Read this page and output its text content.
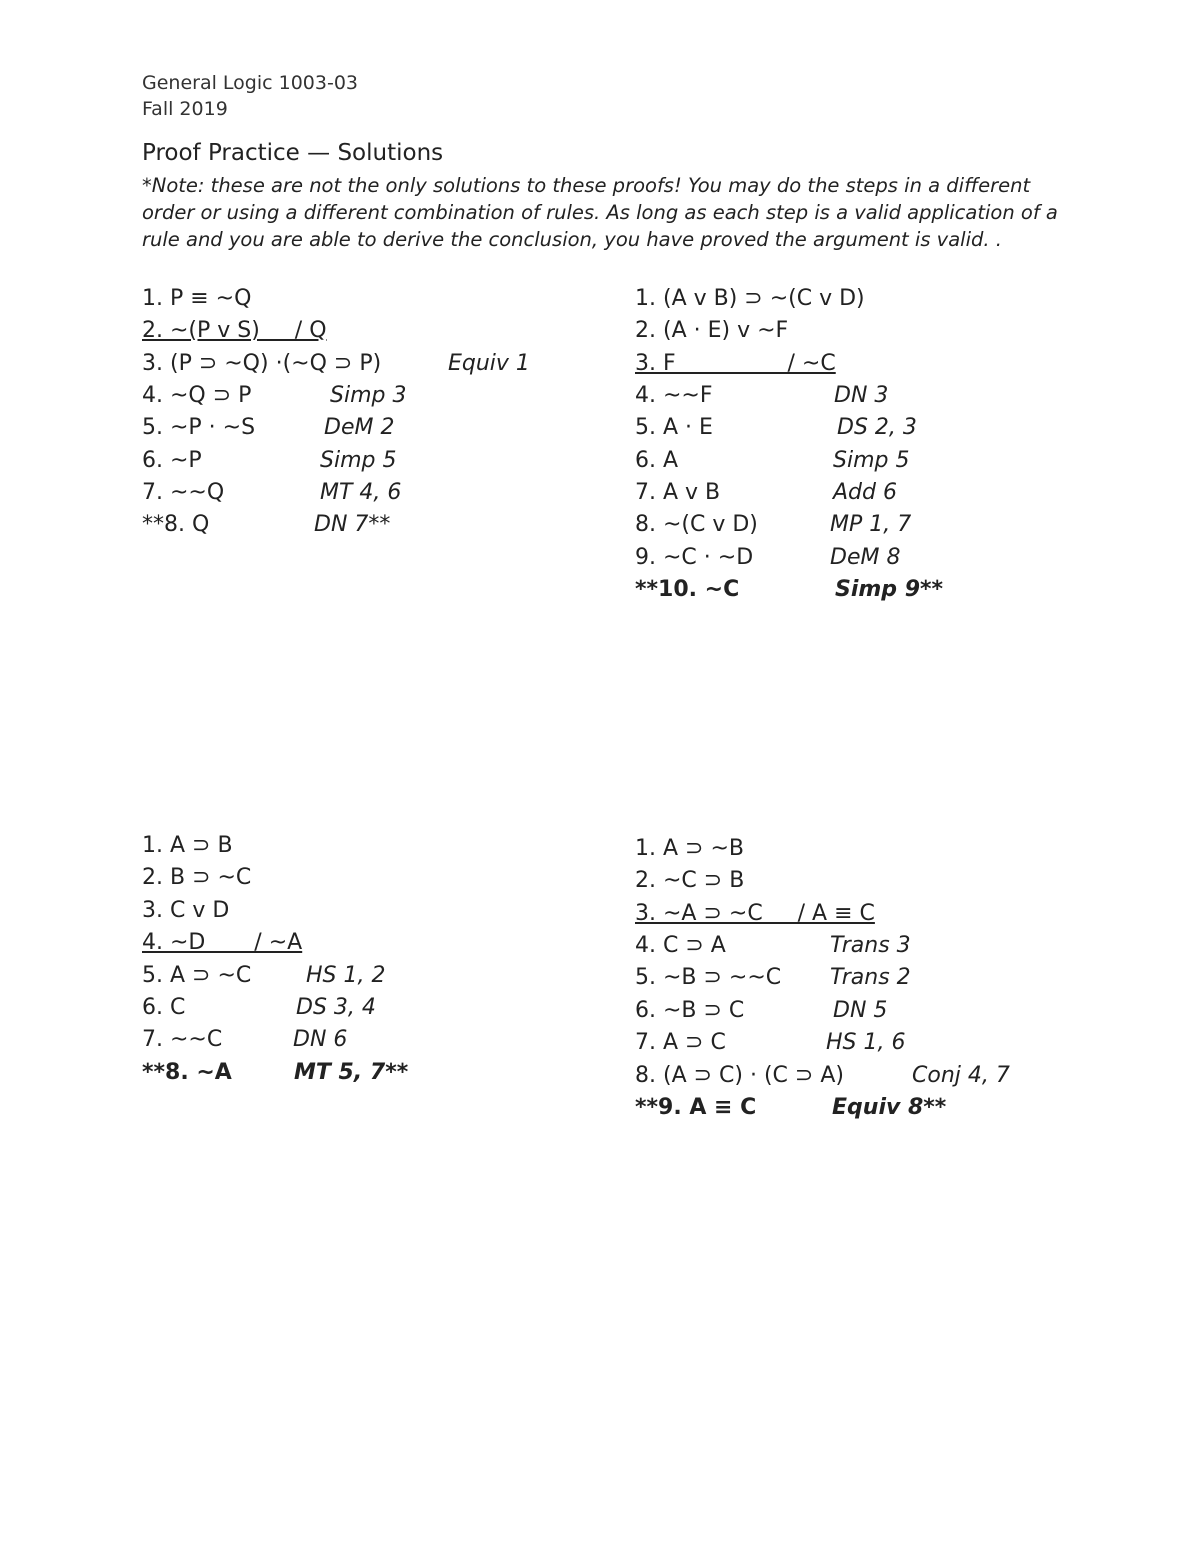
General Logic 1003-03
Fall 2019
Proof Practice — Solutions
*Note: these are not the only solutions to these proofs! You may do the steps in a different order or using a different combination of rules. As long as each step is a valid application of a rule and you are able to derive the conclusion, you have proved the argument is valid. .
1. P ≡ ~Q
2. ~(P v S)     / Q
3. (P ⊃ ~Q) ·(~Q ⊃ P)	Equiv 1
4. ~Q ⊃ P	Simp 3
5. ~P · ~S	DeM 2
6. ~P	Simp 5
7. ~~Q	MT 4, 6
**8. Q	DN 7**
1. (A v B) ⊃ ~(C v D)
2. (A · E) v ~F
3. F                / ~C
4. ~~F	DN 3
5. A · E	DS 2, 3
6. A	Simp 5
7. A v B	Add 6
8. ~(C v D)	MP 1, 7
9. ~C · ~D	DeM 8
**10. ~C	Simp 9**
1. A ⊃ B
2. B ⊃ ~C
3. C v D
4. ~D       / ~A
5. A ⊃ ~C HS 1, 2
6. C	DS 3, 4
7. ~~C	DN 6
**8. ~A	MT 5, 7**
1. A ⊃ ~B
2. ~C ⊃ B
3. ~A ⊃ ~C     / A ≡ C
4. C ⊃ A	Trans 3
5. ~B ⊃ ~~C Trans 2
6. ~B ⊃ C	DN 5
7. A ⊃ C	HS 1, 6
8. (A ⊃ C) · (C ⊃ A)	Conj 4, 7
**9. A ≡ C	Equiv 8**
